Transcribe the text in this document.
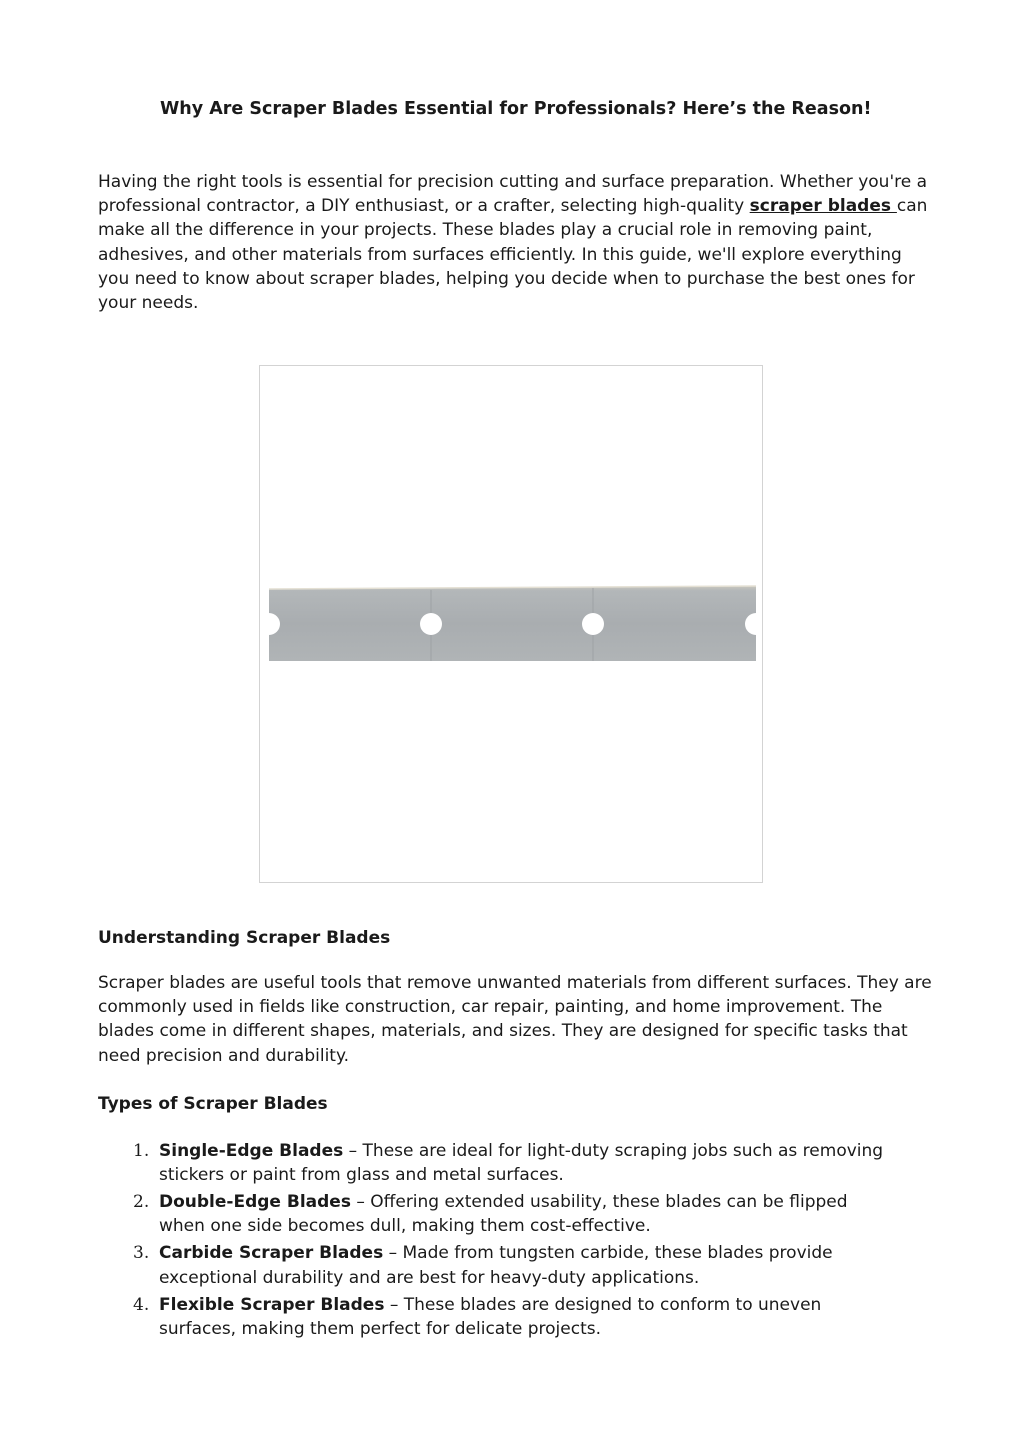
Why Are Scraper Blades Essential for Professionals? Here’s the Reason!

Having the right tools is essential for precision cutting and surface preparation. Whether you're a professional contractor, a DIY enthusiast, or a crafter, selecting high-quality scraper blades can make all the difference in your projects. These blades play a crucial role in removing paint, adhesives, and other materials from surfaces efficiently. In this guide, we'll explore everything you need to know about scraper blades, helping you decide when to purchase the best ones for your needs.

Understanding Scraper Blades

Scraper blades are useful tools that remove unwanted materials from different surfaces. They are commonly used in fields like construction, car repair, painting, and home improvement. The blades come in different shapes, materials, and sizes. They are designed for specific tasks that need precision and durability.

Types of Scraper Blades
1. Single-Edge Blades – These are ideal for light-duty scraping jobs such as removing stickers or paint from glass and metal surfaces.
2. Double-Edge Blades – Offering extended usability, these blades can be flipped when one side becomes dull, making them cost-effective.
3. Carbide Scraper Blades – Made from tungsten carbide, these blades provide exceptional durability and are best for heavy-duty applications.
4. Flexible Scraper Blades – These blades are designed to conform to uneven surfaces, making them perfect for delicate projects.
